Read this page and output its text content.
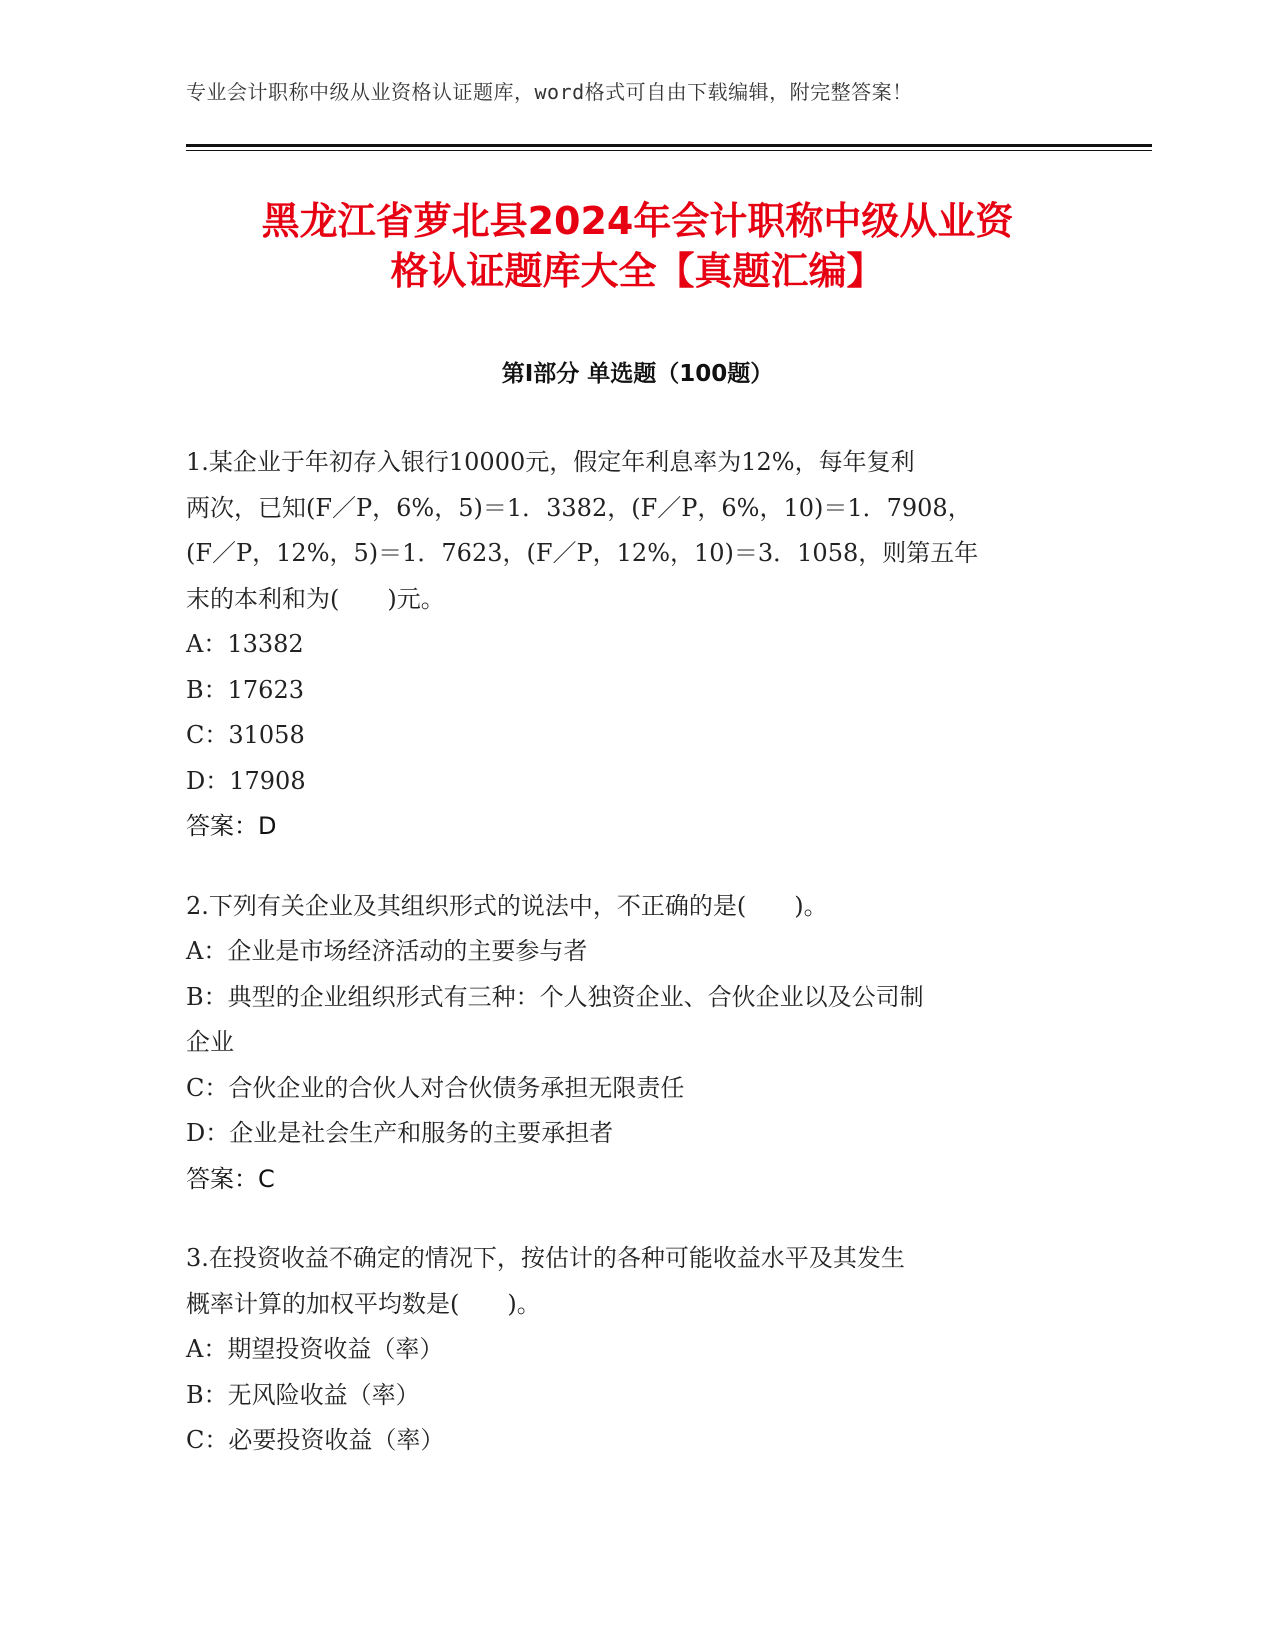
专业会计职称中级从业资格认证题库，word格式可自由下载编辑，附完整答案！
黑龙江省萝北县2024年会计职称中级从业资
格认证题库大全【真题汇编】
第Ⅰ部分 单选题（100题）
1.某企业于年初存入银行10000元，假定年利息率为12%，每年复利
两次，已知(F／P，6%，5)＝1．3382，(F／P，6%，10)＝1．7908，
(F／P，12%，5)＝1．7623，(F／P，12%，10)＝3．1058，则第五年
末的本利和为(　　)元。
A：13382
B：17623
C：31058
D：17908
答案：D
2.下列有关企业及其组织形式的说法中，不正确的是(　　)。
A：企业是市场经济活动的主要参与者
B：典型的企业组织形式有三种：个人独资企业、合伙企业以及公司制
企业
C：合伙企业的合伙人对合伙债务承担无限责任
D：企业是社会生产和服务的主要承担者
答案：C
3.在投资收益不确定的情况下，按估计的各种可能收益水平及其发生
概率计算的加权平均数是(　　)。
A：期望投资收益（率）
B：无风险收益（率）
C：必要投资收益（率）
